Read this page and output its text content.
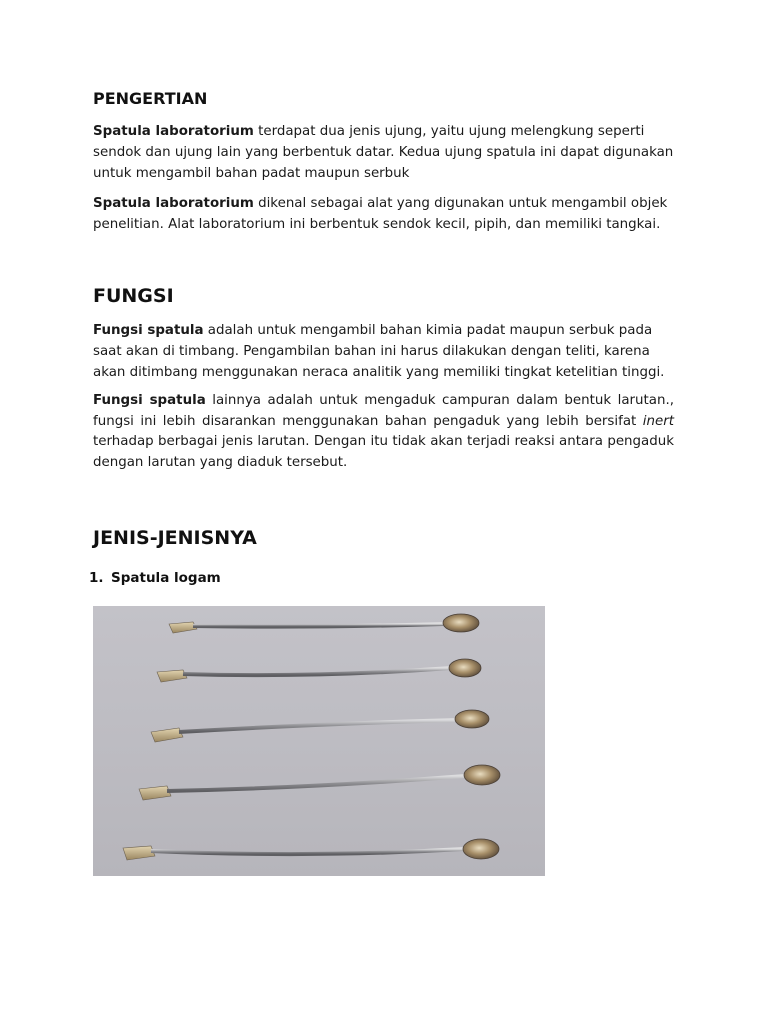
PENGERTIAN

Spatula laboratorium terdapat dua jenis ujung, yaitu ujung melengkung seperti sendok dan ujung lain yang berbentuk datar. Kedua ujung spatula ini dapat digunakan untuk mengambil bahan padat maupun serbuk

Spatula laboratorium dikenal sebagai alat yang digunakan untuk mengambil objek penelitian. Alat laboratorium ini berbentuk sendok kecil, pipih, dan memiliki tangkai.

FUNGSI

Fungsi spatula adalah untuk mengambil bahan kimia padat maupun serbuk pada saat akan di timbang. Pengambilan bahan ini harus dilakukan dengan teliti, karena akan ditimbang menggunakan neraca analitik yang memiliki tingkat ketelitian tinggi.

Fungsi spatula lainnya adalah untuk mengaduk campuran dalam bentuk larutan., fungsi ini lebih disarankan menggunakan bahan pengaduk yang lebih bersifat inert terhadap berbagai jenis larutan. Dengan itu tidak akan terjadi reaksi antara pengaduk dengan larutan yang diaduk tersebut.

JENIS-JENISNYA
1. Spatula logam
